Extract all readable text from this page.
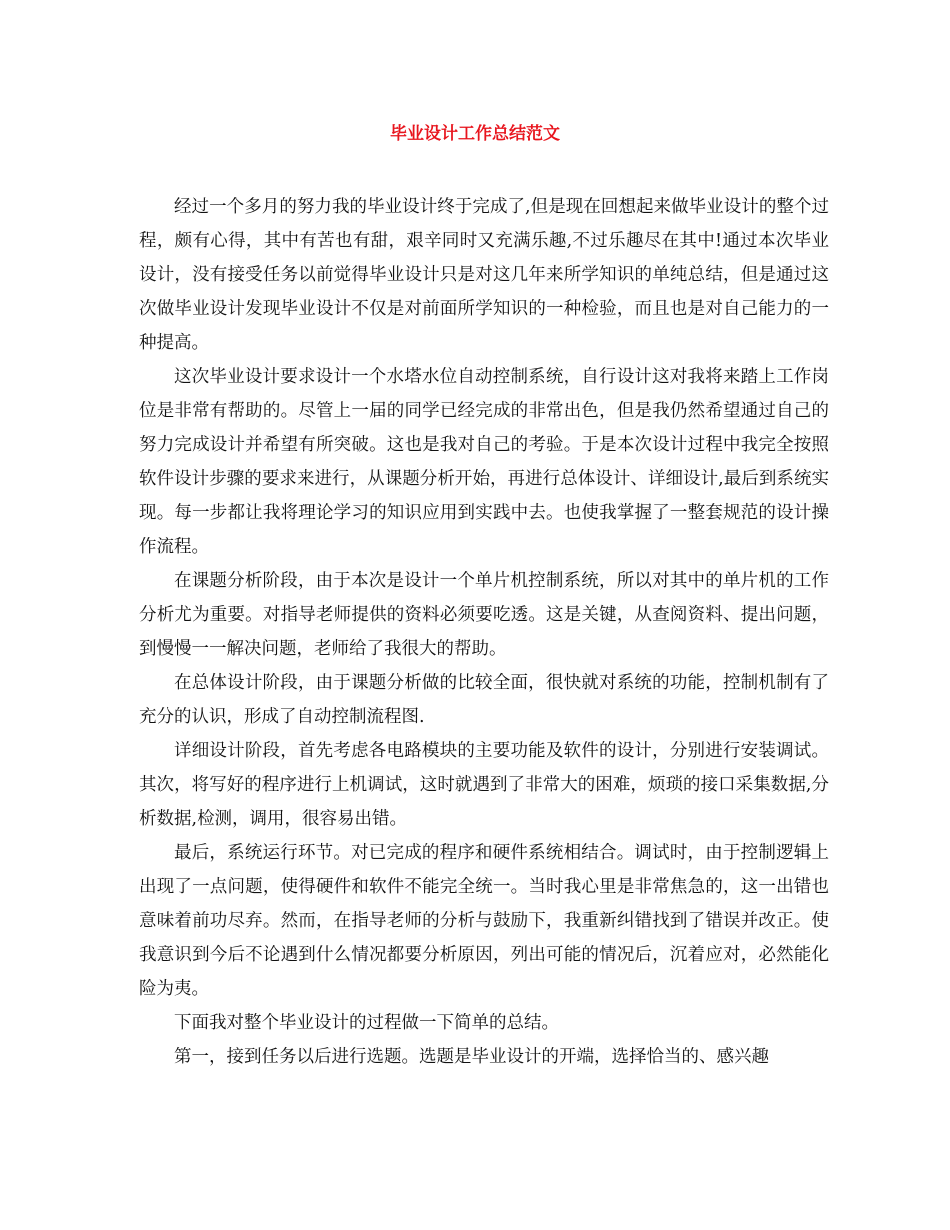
毕业设计工作总结范文

经过一个多月的努力我的毕业设计终于完成了,但是现在回想起来做毕业设计的整个过程，颇有心得，其中有苦也有甜，艰辛同时又充满乐趣,不过乐趣尽在其中!通过本次毕业设计，没有接受任务以前觉得毕业设计只是对这几年来所学知识的单纯总结，但是通过这次做毕业设计发现毕业设计不仅是对前面所学知识的一种检验，而且也是对自己能力的一种提高。

这次毕业设计要求设计一个水塔水位自动控制系统，自行设计这对我将来踏上工作岗位是非常有帮助的。尽管上一届的同学已经完成的非常出色，但是我仍然希望通过自己的努力完成设计并希望有所突破。这也是我对自己的考验。于是本次设计过程中我完全按照软件设计步骤的要求来进行，从课题分析开始，再进行总体设计、详细设计,最后到系统实现。每一步都让我将理论学习的知识应用到实践中去。也使我掌握了一整套规范的设计操作流程。

在课题分析阶段，由于本次是设计一个单片机控制系统，所以对其中的单片机的工作分析尤为重要。对指导老师提供的资料必须要吃透。这是关键，从查阅资料、提出问题，到慢慢一一解决问题，老师给了我很大的帮助。

在总体设计阶段，由于课题分析做的比较全面，很快就对系统的功能，控制机制有了充分的认识，形成了自动控制流程图.

详细设计阶段，首先考虑各电路模块的主要功能及软件的设计，分别进行安装调试。其次，将写好的程序进行上机调试，这时就遇到了非常大的困难，烦琐的接口采集数据,分析数据,检测，调用，很容易出错。

最后，系统运行环节。对已完成的程序和硬件系统相结合。调试时，由于控制逻辑上出现了一点问题，使得硬件和软件不能完全统一。当时我心里是非常焦急的，这一出错也意味着前功尽弃。然而，在指导老师的分析与鼓励下，我重新纠错找到了错误并改正。使我意识到今后不论遇到什么情况都要分析原因，列出可能的情况后，沉着应对，必然能化险为夷。

下面我对整个毕业设计的过程做一下简单的总结。

第一，接到任务以后进行选题。选题是毕业设计的开端，选择恰当的、感兴趣
